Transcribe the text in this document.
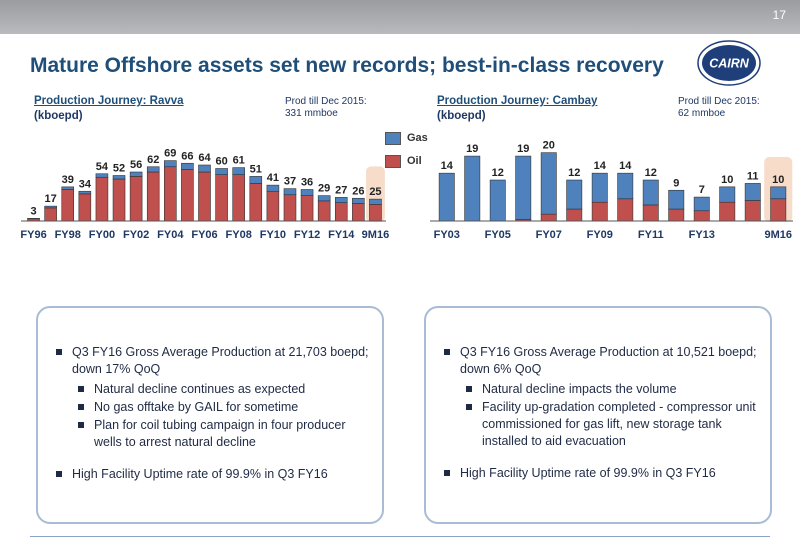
17
Mature Offshore assets set new records; best-in-class recovery	CAIRN
Production Journey: Ravva
(kboepd)
Prod till Dec 2015:
331 mmboe
Production Journey: Cambay
(kboepd)
Prod till Dec 2015:
62 mmboe
Gas
Oil
3
FY96
17
39
FY98
34
54
FY00
52 56
FY02
62
69
FY04
66 64
FY06
60 61
FY08
51
41
FY10
37 36
FY12
29 27
FY14
26 25
9M16
14
FY03
19
12
FY05
19 20
FY07
12
14
FY09
14
12
FY11
9
7
FY13
10 11 10
9M16
Q3 FY16 Gross Average Production at 21,703 boepd; down 17% QoQ
Natural decline continues as expected
No gas offtake by GAIL for sometime
Plan for coil tubing campaign in four producer wells to arrest natural decline
High Facility Uptime rate of 99.9% in Q3 FY16
Q3 FY16 Gross Average Production at 10,521 boepd; down 6% QoQ
Natural decline impacts the volume
Facility up-gradation completed - compressor unit commissioned for gas lift, new storage tank installed to aid evacuation
High Facility Uptime rate of 99.9% in Q3 FY16
